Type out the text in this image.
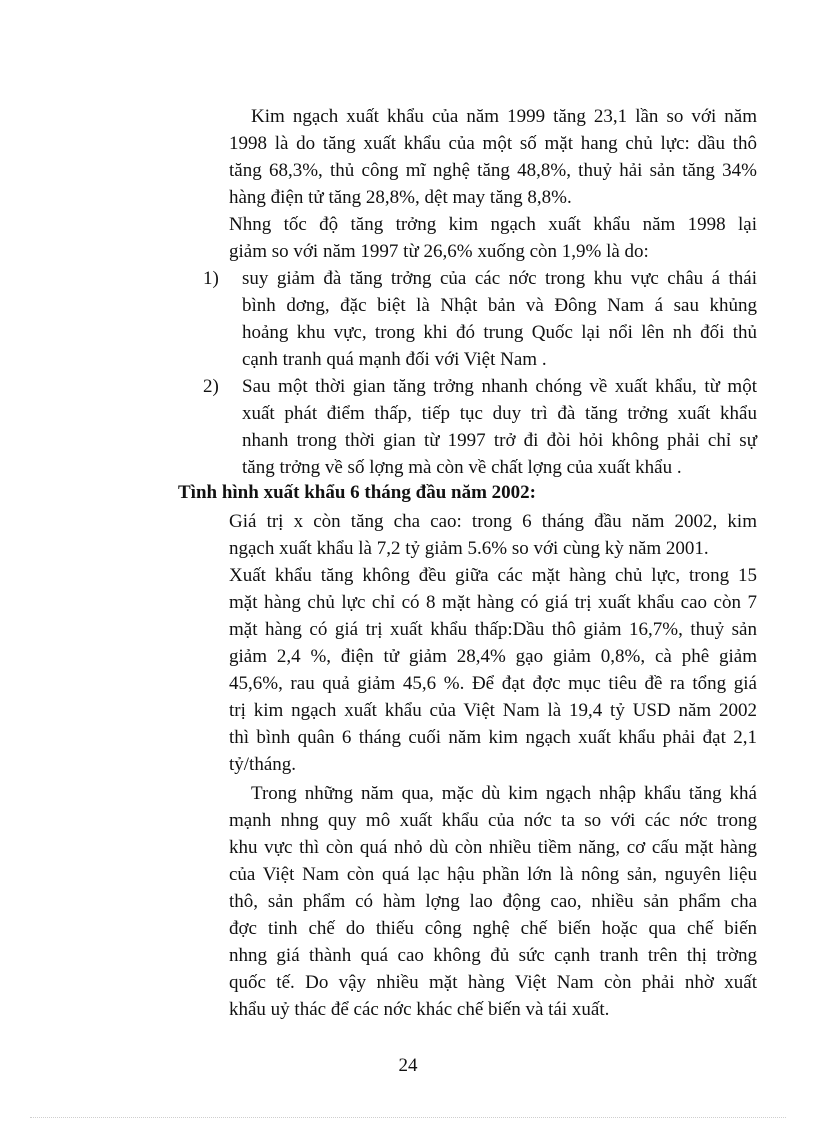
Kim ngạch xuất khẩu của năm 1999 tăng 23,1 lần so với năm
1998 là do tăng xuất khẩu của một số mặt hang chủ lực: dầu thô
tăng 68,3%, thủ công mĩ nghệ tăng 48,8%, thuỷ hải sản tăng 34%
hàng điện tử tăng 28,8%, dệt may tăng 8,8%.
Nhng tốc độ tăng trởng kim ngạch xuất khẩu năm 1998 lại
giảm so với năm 1997 từ 26,6% xuống còn 1,9% là do:
1) suy giảm đà tăng trởng của các nớc trong khu vực châu á thái
bình dơng, đặc biệt là Nhật bản và Đông Nam á sau khủng
hoảng khu vực, trong khi đó trung Quốc lại nổi lên nh đối thủ
cạnh tranh quá mạnh đối với Việt Nam .
2) Sau một thời gian tăng trởng nhanh chóng về xuất khẩu, từ một
xuất phát điểm thấp, tiếp tục duy trì đà tăng trởng xuất khẩu
nhanh trong thời gian từ 1997 trở đi đòi hỏi không phải chỉ sự
tăng trởng về số lợng mà còn về chất lợng của xuất khẩu .
Tình hình xuất khẩu 6 tháng đầu năm 2002:
Giá trị x còn tăng cha cao: trong 6 tháng đầu năm 2002, kim
ngạch xuất khẩu là 7,2 tỷ giảm 5.6% so với cùng kỳ năm 2001.
Xuất khẩu tăng không đều giữa các mặt hàng chủ lực, trong 15
mặt hàng chủ lực chỉ có 8 mặt hàng có giá trị xuất khẩu cao còn 7
mặt hàng có giá trị xuất khẩu thấp:Dầu thô giảm 16,7%, thuỷ sản
giảm 2,4 %, điện tử giảm 28,4% gạo giảm 0,8%, cà phê giảm
45,6%, rau quả giảm 45,6 %. Để đạt đợc mục tiêu đề ra tổng giá
trị kim ngạch xuất khẩu của Việt Nam là 19,4 tỷ USD năm 2002
thì bình quân 6 tháng cuối năm kim ngạch xuất khẩu phải đạt 2,1
tỷ/tháng.
Trong những năm qua, mặc dù kim ngạch nhập khẩu tăng khá
mạnh nhng quy mô xuất khẩu của nớc ta so với các nớc trong
khu vực thì còn quá nhỏ dù còn nhiều tiềm năng, cơ cấu mặt hàng
của Việt Nam còn quá lạc hậu phần lớn là nông sản, nguyên liệu
thô, sản phẩm có hàm lợng lao động cao, nhiều sản phẩm cha
đợc tinh chế do thiếu công nghệ chế biến hoặc qua chế biến
nhng giá thành quá cao không đủ sức cạnh tranh trên thị trờng
quốc tế. Do vậy nhiều mặt hàng Việt Nam còn phải nhờ xuất
khẩu uỷ thác để các nớc khác chế biến và tái xuất.
24
